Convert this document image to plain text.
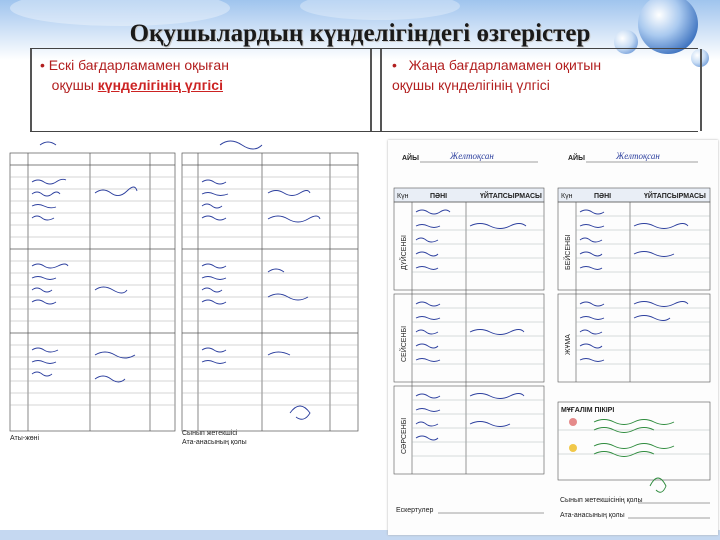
Оқушылардың күнделігіндегі өзгерістер
• Ескі бағдарламамен оқыған
оқушы күнделігінің үлгісі
• Жаңа бағдарламамен оқитын
оқушы күнделігінің үлгісі
Аты-жөні
Сынып жетекшісі
Ата-анасының қолы
АЙЫ	Желтоқсан
Күн	ПӘНІ	ҮЙТАПСЫРМАСЫ
ДҮЙСЕНБІ
СЕЙСЕНБІ
СӘРСЕНБІ
Ескертулер
АЙЫ	Желтоқсан
Күн	ПӘНІ	ҮЙТАПСЫРМАСЫ
БЕЙСЕНБІ
ЖҰМА
МҰҒАЛІМ ПІКІРІ
Сынып жетекшісінің қолы
Ата-анасының қолы
